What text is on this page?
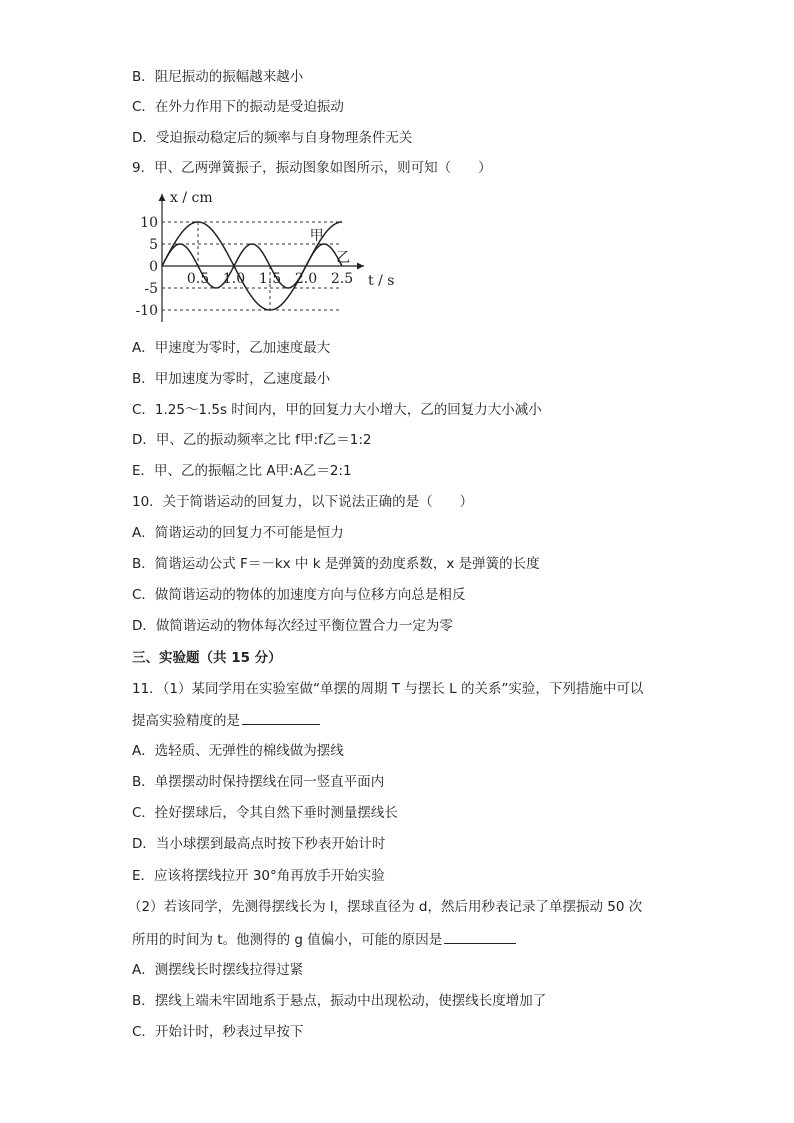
B．阻尼振动的振幅越来越小
C．在外力作用下的振动是受迫振动
D．受迫振动稳定后的频率与自身物理条件无关
9．甲、乙两弹簧振子，振动图象如图所示，则可知（　　）
x / cm
t / s
10
5
0
-5
-10
0.5 1.0 1.5 2.0 2.5
甲
乙
A．甲速度为零时，乙加速度最大
B．甲加速度为零时，乙速度最小
C．1.25～1.5s 时间内，甲的回复力大小增大，乙的回复力大小减小
D．甲、乙的振动频率之比 f甲:f乙＝1:2
E．甲、乙的振幅之比 A甲:A乙＝2:1
10．关于简谐运动的回复力，以下说法正确的是（　　）
A．简谐运动的回复力不可能是恒力
B．简谐运动公式 F＝－kx 中 k 是弹簧的劲度系数，x 是弹簧的长度
C．做简谐运动的物体的加速度方向与位移方向总是相反
D．做简谐运动的物体每次经过平衡位置合力一定为零
三、实验题（共 15 分）
11．（1）某同学用在实验室做“单摆的周期 T 与摆长 L 的关系”实验，下列措施中可以
提高实验精度的是
A．选轻质、无弹性的棉线做为摆线
B．单摆摆动时保持摆线在同一竖直平面内
C．拴好摆球后，令其自然下垂时测量摆线长
D．当小球摆到最高点时按下秒表开始计时
E．应该将摆线拉开 30°角再放手开始实验
（2）若该同学，先测得摆线长为 l，摆球直径为 d，然后用秒表记录了单摆振动 50 次
所用的时间为 t。他测得的 g 值偏小，可能的原因是
A．测摆线长时摆线拉得过紧
B．摆线上端未牢固地系于悬点，振动中出现松动，使摆线长度增加了
C．开始计时，秒表过早按下
